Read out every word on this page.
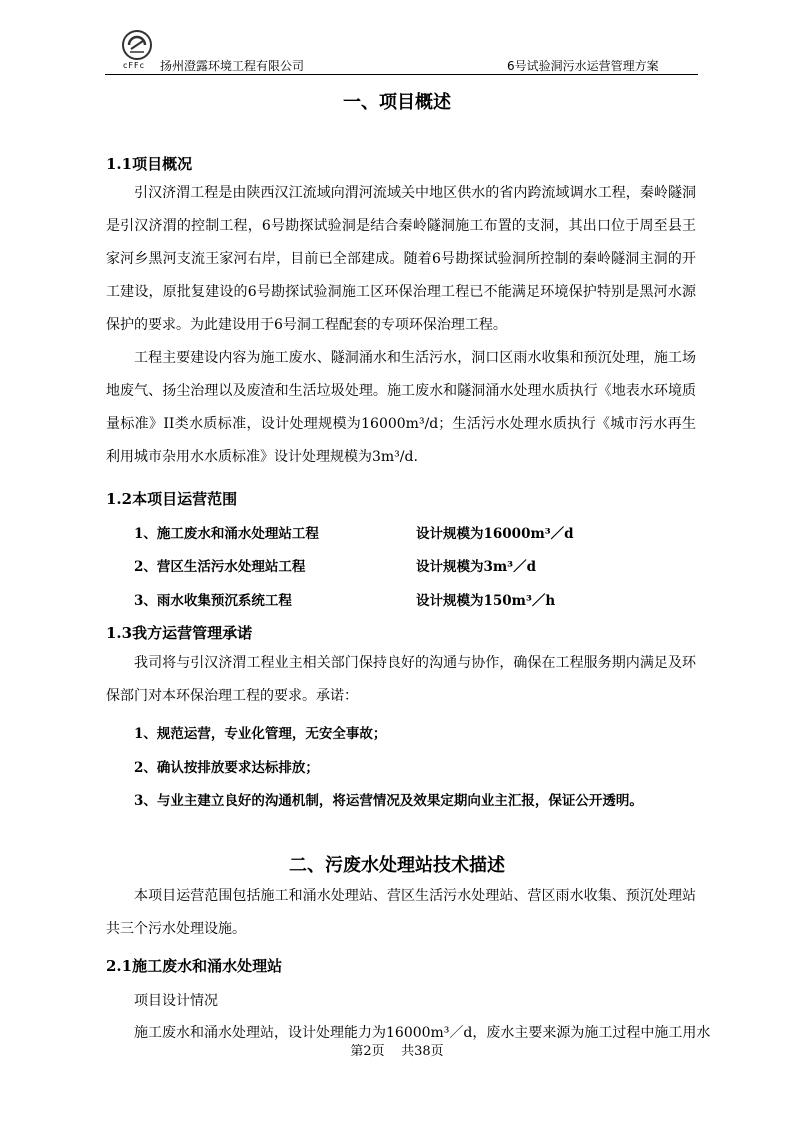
cFFc 扬州澄露环境工程有限公司	6号试验洞污水运营管理方案
一、项目概述
1.1项目概况
引汉济渭工程是由陕西汉江流域向渭河流域关中地区供水的省内跨流域调水工程，秦岭隧洞是引汉济渭的控制工程，6号勘探试验洞是结合秦岭隧洞施工布置的支洞，其出口位于周至县王家河乡黑河支流王家河右岸，目前已全部建成。随着6号勘探试验洞所控制的秦岭隧洞主洞的开工建设，原批复建设的6号勘探试验洞施工区环保治理工程已不能满足环境保护特别是黑河水源保护的要求。为此建设用于6号洞工程配套的专项环保治理工程。
工程主要建设内容为施工废水、隧洞涌水和生活污水，洞口区雨水收集和预沉处理，施工场地废气、扬尘治理以及废渣和生活垃圾处理。施工废水和隧洞涌水处理水质执行《地表水环境质量标准》II类水质标准，设计处理规模为16000m³/d；生活污水处理水质执行《城市污水再生利用城市杂用水水质标准》设计处理规模为3m³/d.
1.2本项目运营范围
1、施工废水和涌水处理站工程	设计规模为16000m³／d
2、营区生活污水处理站工程	设计规模为3m³／d
3、雨水收集预沉系统工程	设计规模为150m³／h
1.3我方运营管理承诺
我司将与引汉济渭工程业主相关部门保持良好的沟通与协作，确保在工程服务期内满足及环保部门对本环保治理工程的要求。承诺：
1、规范运营，专业化管理，无安全事故；
2、确认按排放要求达标排放；
3、与业主建立良好的沟通机制，将运营情况及效果定期向业主汇报，保证公开透明。
二、污废水处理站技术描述
本项目运营范围包括施工和涌水处理站、营区生活污水处理站、营区雨水收集、预沉处理站共三个污水处理设施。
2.1施工废水和涌水处理站
项目设计情况
施工废水和涌水处理站，设计处理能力为16000m³／d，废水主要来源为施工过程中施工用水
第2页    共38页
